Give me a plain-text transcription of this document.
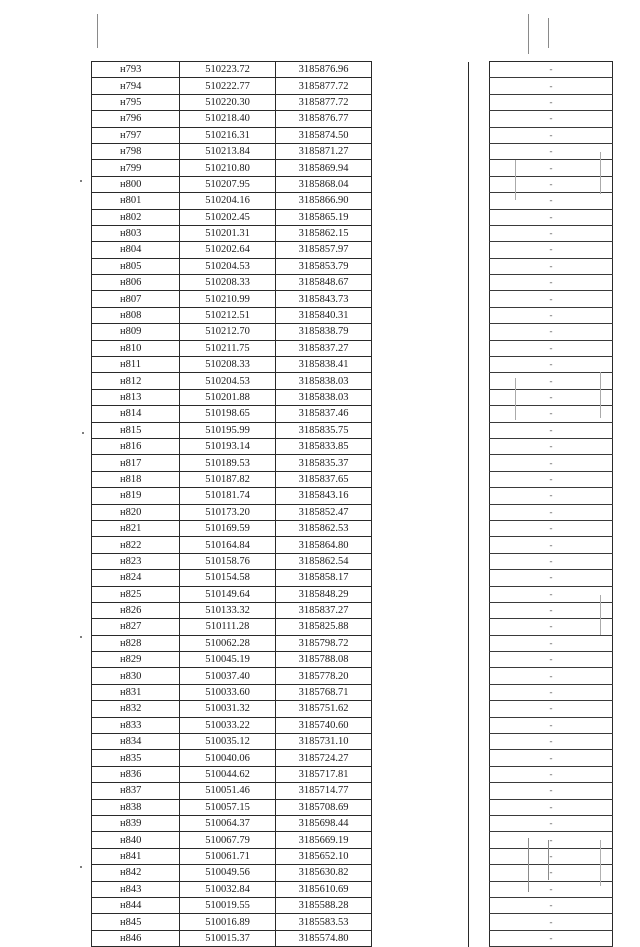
н793	510223.72	3185876.96	
н794	510222.77	3185877.72	
н795	510220.30	3185877.72	
н796	510218.40	3185876.77	
н797	510216.31	3185874.50	
н798	510213.84	3185871.27	
н799	510210.80	3185869.94	
н800	510207.95	3185868.04	
н801	510204.16	3185866.90	
н802	510202.45	3185865.19	
н803	510201.31	3185862.15	
н804	510202.64	3185857.97	
н805	510204.53	3185853.79	
н806	510208.33	3185848.67	
н807	510210.99	3185843.73	
н808	510212.51	3185840.31	
н809	510212.70	3185838.79	
н810	510211.75	3185837.27	
н811	510208.33	3185838.41	
н812	510204.53	3185838.03	
н813	510201.88	3185838.03	
н814	510198.65	3185837.46	
н815	510195.99	3185835.75	
н816	510193.14	3185833.85	
н817	510189.53	3185835.37	
н818	510187.82	3185837.65	
н819	510181.74	3185843.16	
н820	510173.20	3185852.47	
н821	510169.59	3185862.53	
н822	510164.84	3185864.80	
н823	510158.76	3185862.54	
н824	510154.58	3185858.17	
н825	510149.64	3185848.29	
н826	510133.32	3185837.27	
н827	510111.28	3185825.88	
н828	510062.28	3185798.72	
н829	510045.19	3185788.08	
н830	510037.40	3185778.20	
н831	510033.60	3185768.71	
н832	510031.32	3185751.62	
н833	510033.22	3185740.60	
н834	510035.12	3185731.10	
н835	510040.06	3185724.27	
н836	510044.62	3185717.81	
н837	510051.46	3185714.77	
н838	510057.15	3185708.69	
н839	510064.37	3185698.44	
н840	510067.79	3185669.19	
н841	510061.71	3185652.10	
н842	510049.56	3185630.82	
н843	510032.84	3185610.69	
н844	510019.55	3185588.28	
н845	510016.89	3185583.53	
н846	510015.37	3185574.80	
-
-
-
-
-
-
-
-
-
-
-
-
-
-
-
-
-
-
-
-
-
-
-
-
-
-
-
-
-
-
-
-
-
-
-
-
-
-
-
-
-
-
-
-
-
-
-
-
-
-
-
-
-
-
